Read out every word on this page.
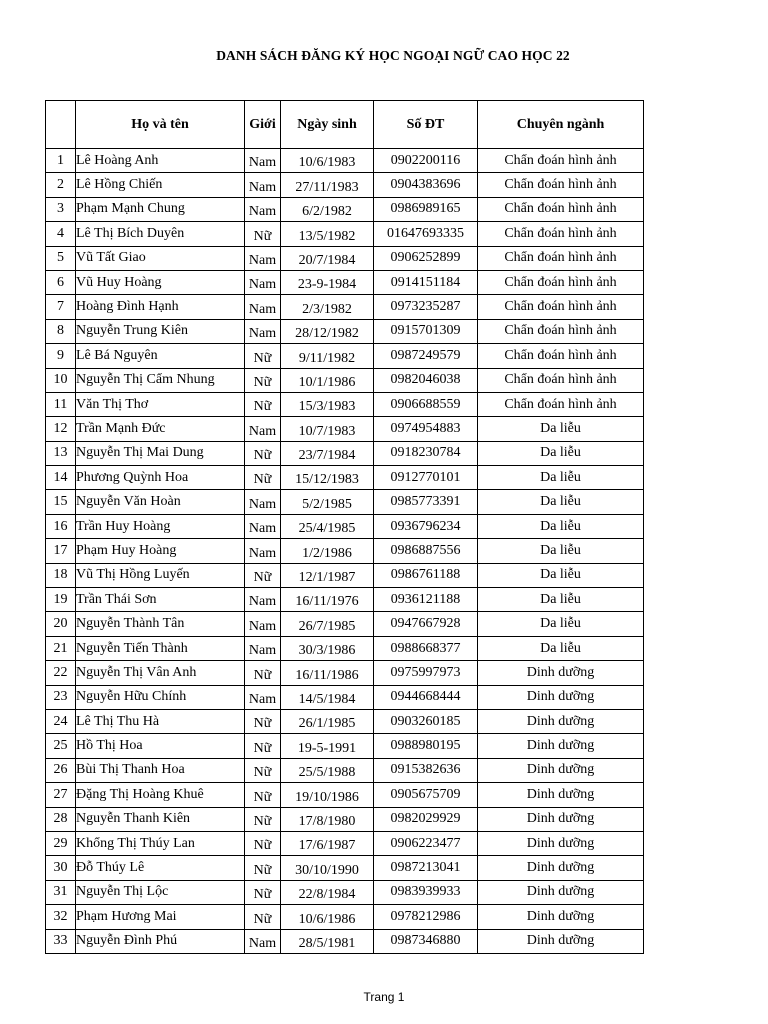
DANH SÁCH ĐĂNG KÝ HỌC NGOẠI NGỮ CAO HỌC 22
	Họ và tên	Giới	Ngày sinh	Số ĐT	Chuyên ngành
1	Lê Hoàng Anh	Nam	10/6/1983	0902200116	Chẩn đoán hình ảnh
2	Lê Hồng Chiến	Nam	27/11/1983	0904383696	Chẩn đoán hình ảnh
3	Phạm Mạnh Chung	Nam	6/2/1982	0986989165	Chẩn đoán hình ảnh
4	Lê Thị Bích Duyên	Nữ	13/5/1982	01647693335	Chẩn đoán hình ảnh
5	Vũ Tất Giao	Nam	20/7/1984	0906252899	Chẩn đoán hình ảnh
6	Vũ Huy Hoàng	Nam	23-9-1984	0914151184	Chẩn đoán hình ảnh
7	Hoàng Đình Hạnh	Nam	2/3/1982	0973235287	Chẩn đoán hình ảnh
8	Nguyễn Trung Kiên	Nam	28/12/1982	0915701309	Chẩn đoán hình ảnh
9	Lê Bá Nguyên	Nữ	9/11/1982	0987249579	Chẩn đoán hình ảnh
10	Nguyễn Thị Cẩm Nhung	Nữ	10/1/1986	0982046038	Chẩn đoán hình ảnh
11	Văn Thị Thơ	Nữ	15/3/1983	0906688559	Chẩn đoán hình ảnh
12	Trần Mạnh Đức	Nam	10/7/1983	0974954883	Da liễu
13	Nguyễn Thị Mai Dung	Nữ	23/7/1984	0918230784	Da liễu
14	Phương Quỳnh Hoa	Nữ	15/12/1983	0912770101	Da liễu
15	Nguyễn Văn Hoàn	Nam	5/2/1985	0985773391	Da liễu
16	Trần Huy Hoàng	Nam	25/4/1985	0936796234	Da liễu
17	Phạm Huy Hoàng	Nam	1/2/1986	0986887556	Da liễu
18	Vũ Thị Hồng Luyến	Nữ	12/1/1987	0986761188	Da liễu
19	Trần Thái Sơn	Nam	16/11/1976	0936121188	Da liễu
20	Nguyễn Thành Tân	Nam	26/7/1985	0947667928	Da liễu
21	Nguyễn Tiến Thành	Nam	30/3/1986	0988668377	Da liễu
22	Nguyễn Thị Vân Anh	Nữ	16/11/1986	0975997973	Dinh dưỡng
23	Nguyễn Hữu Chính	Nam	14/5/1984	0944668444	Dinh dưỡng
24	Lê Thị Thu Hà	Nữ	26/1/1985	0903260185	Dinh dưỡng
25	Hồ Thị Hoa	Nữ	19-5-1991	0988980195	Dinh dưỡng
26	Bùi Thị Thanh Hoa	Nữ	25/5/1988	0915382636	Dinh dưỡng
27	Đặng Thị Hoàng Khuê	Nữ	19/10/1986	0905675709	Dinh dưỡng
28	Nguyễn Thanh Kiên	Nữ	17/8/1980	0982029929	Dinh dưỡng
29	Khổng Thị Thúy Lan	Nữ	17/6/1987	0906223477	Dinh dưỡng
30	Đỗ Thúy Lê	Nữ	30/10/1990	0987213041	Dinh dưỡng
31	Nguyễn Thị Lộc	Nữ	22/8/1984	0983939933	Dinh dưỡng
32	Phạm Hương Mai	Nữ	10/6/1986	0978212986	Dinh dưỡng
33	Nguyễn Đình Phú	Nam	28/5/1981	0987346880	Dinh dưỡng
Trang 1
